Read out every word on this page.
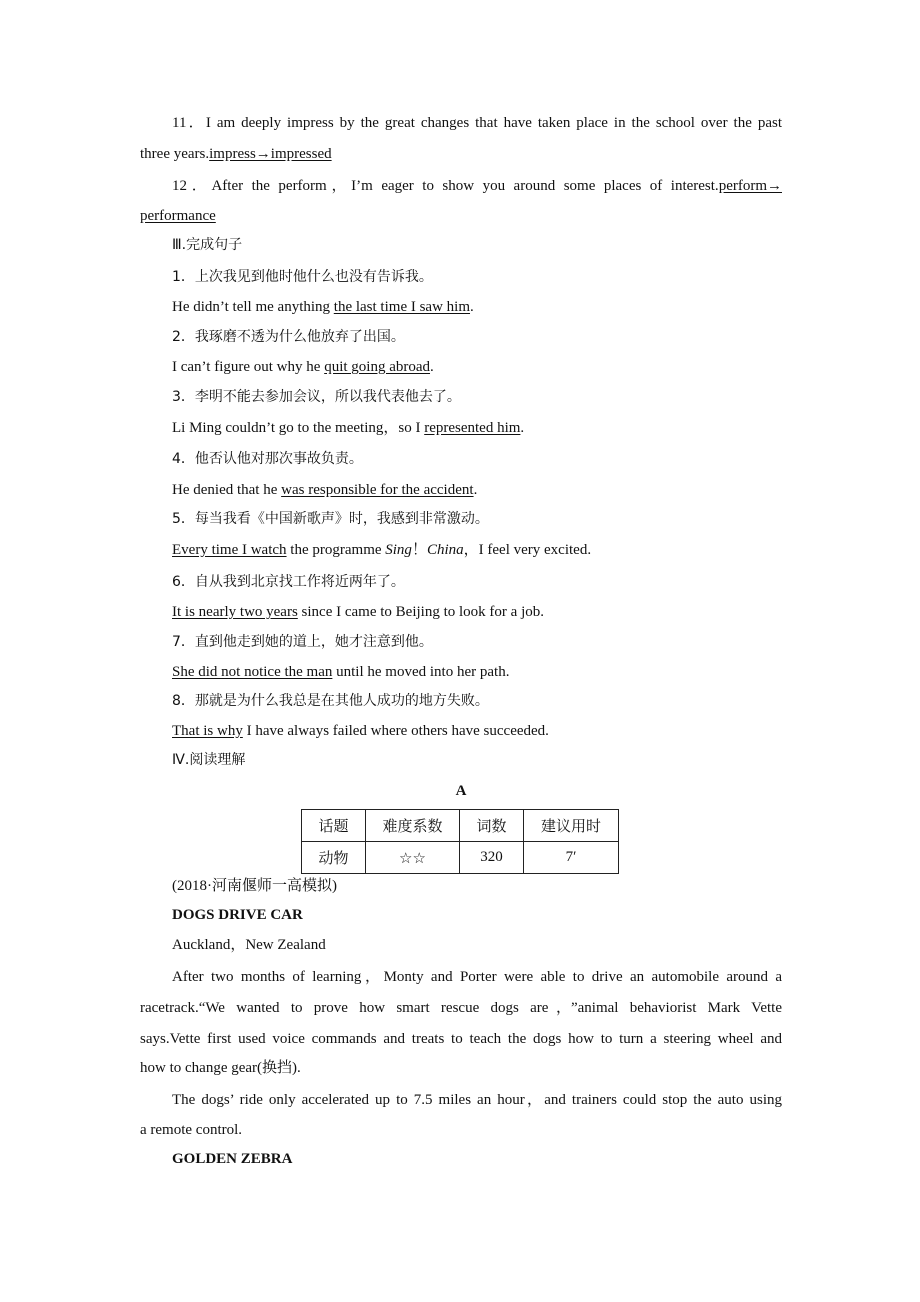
11．I am deeply impress by the great changes that have taken place in the school over the past
three years.impress→impressed
12．After the perform，I’m eager to show you around some places of interest.perform→
performance
Ⅲ.完成句子
1．上次我见到他时他什么也没有告诉我。
He didn’t tell me anything the last time I saw him.
2．我琢磨不透为什么他放弃了出国。
I can’t figure out why he quit going abroad.
3．李明不能去参加会议，所以我代表他去了。
Li Ming couldn’t go to the meeting，so I represented him.
4．他否认他对那次事故负责。
He denied that he was responsible for the accident.
5．每当我看《中国新歌声》时，我感到非常激动。
Every time I watch the programme Sing！China，I feel very excited.
6．自从我到北京找工作将近两年了。
It is nearly two years since I came to Beijing to look for a job.
7．直到他走到她的道上，她才注意到他。
She did not notice the man until he moved into her path.
8．那就是为什么我总是在其他人成功的地方失败。
That is why I have always failed where others have succeeded.
Ⅳ.阅读理解
A
话题	难度系数	词数	建议用时
动物	☆☆	320	7′
(2018·河南偃师一高模拟)
DOGS DRIVE CAR
Auckland，New Zealand
After two months of learning，Monty and Porter were able to drive an automobile around a
racetrack.“We wanted to prove how smart rescue dogs are，”animal behaviorist Mark Vette
says.Vette first used voice commands and treats to teach the dogs how to turn a steering wheel and
how to change gear(换挡).
The dogs’ ride only accelerated up to 7.5 miles an hour，and trainers could stop the auto using
a remote control.
GOLDEN ZEBRA
